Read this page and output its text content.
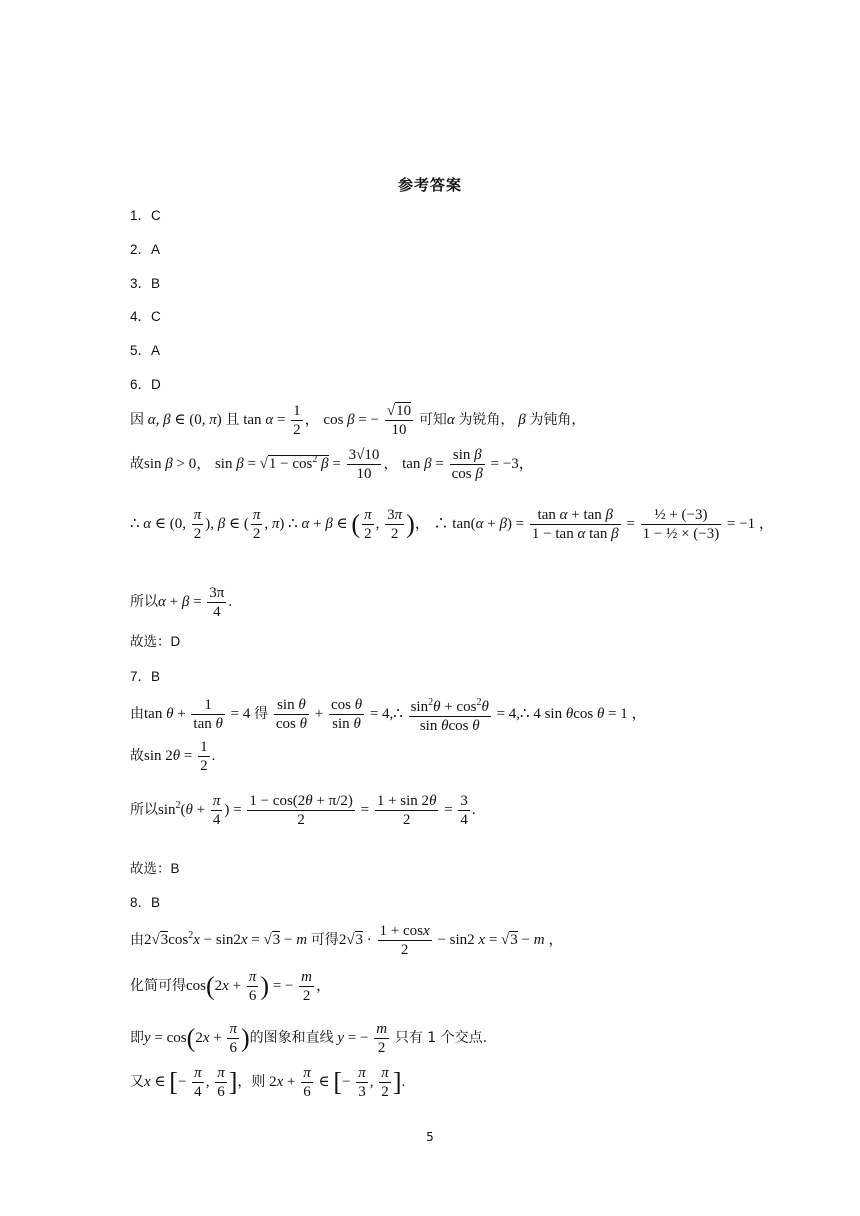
参考答案
1．C
2．A
3．B
4．C
5．A
6．D
因 α, β ∈ (0, π) 且 $\tan \alpha = \frac{1}{2}$ ， cos β = − $\frac{√10}{10}$ 可知α 为锐角， β 为钝角，
故sin β > 0， $\sin \beta = √1 - \cos^2 \beta = \frac{3√10}{10}$ ， $\tan \beta = \frac{\text{sin β}}{\text{cos β}} = -3$，
∴ α ∈ (0, $\frac{\pi}{2}$ ), β ∈ ( $\frac{\pi}{2}$ , π) ∴ α + β ∈ ( $\frac{\pi}{2}$ , $\frac{3\pi}{2}$ )， ∴ $\tan(\alpha + \beta) = \frac{\text{tan α + tan β}}{\text{1 − tan α tan β}} = \frac{\text{½ + (−3)}}{\text{1 − ½ × (−3)}} = -1$ ，
所以$\alpha + \beta = \frac{3\pi}{4}$ .
故选：D
7．B
由$\tan \theta + \frac{1}{\text{tan θ}} = 4$ 得 $\frac{\text{sin θ}}{\text{cos θ}} + \frac{\text{cos θ}}{\text{sin θ}}$ = 4,∴ $\frac{\sin^2\theta + \cos^2\theta}{\text{sin θcos θ}}$ = 4,∴ 4 sin θcos θ = 1 ，
故$\sin 2\theta = \frac{1}{2}$ .
所以$\sin^2(\theta + \frac{\pi}{4}$ ) = $\frac{1 - \cos(2\theta + \pi/2)}{2} = \frac{1 + \sin 2\theta}{2} = \frac{3}{4}$ .
故选：B
8．B
由$2√3\cos^2x - \sin 2x = √3 - m$ 可得$2√3 \cdot \frac{1 + \cos x}{2} - \sin 2$ x = √3 − m ，
化简可得$\cos(2x + \frac{\pi}{6}$ ) = − $\frac{m}{2}$ ，
即$y = \cos(2x + \frac{\pi}{6}$ )的图象和直线 y = − $\frac{m}{2}$ 只有 1 个交点.
又x ∈ [− $\frac{\pi}{4}$ , $\frac{\pi}{6}$ ]，则 $2x + \frac{\pi}{6}$ ∈ [− $\frac{\pi}{3}$ , $\frac{\pi}{2}$ ].
5
